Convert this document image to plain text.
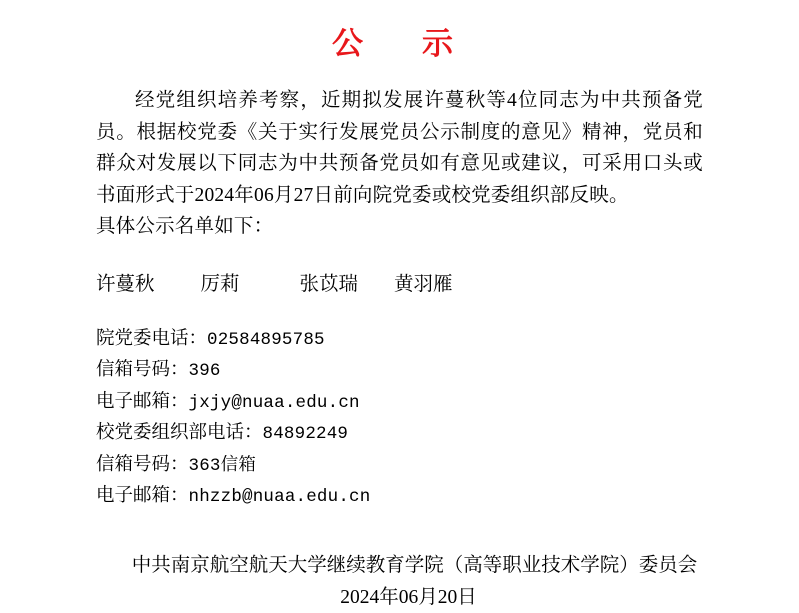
公　示
经党组织培养考察，近期拟发展许蔓秋等4位同志为中共预备党员。根据校党委《关于实行发展党员公示制度的意见》精神，党员和群众对发展以下同志为中共预备党员如有意见或建议，可采用口头或书面形式于2024年06月27日前向院党委或校党委组织部反映。
具体公示名单如下：
许蔓秋 厉莉	张苡瑞 黄羽雁
院党委电话：02584895785
信箱号码：396
电子邮箱：jxjy@nuaa.edu.cn
校党委组织部电话：84892249
信箱号码：363信箱
电子邮箱：nhzzb@nuaa.edu.cn
中共南京航空航天大学继续教育学院（高等职业技术学院）委员会
2024年06月20日
